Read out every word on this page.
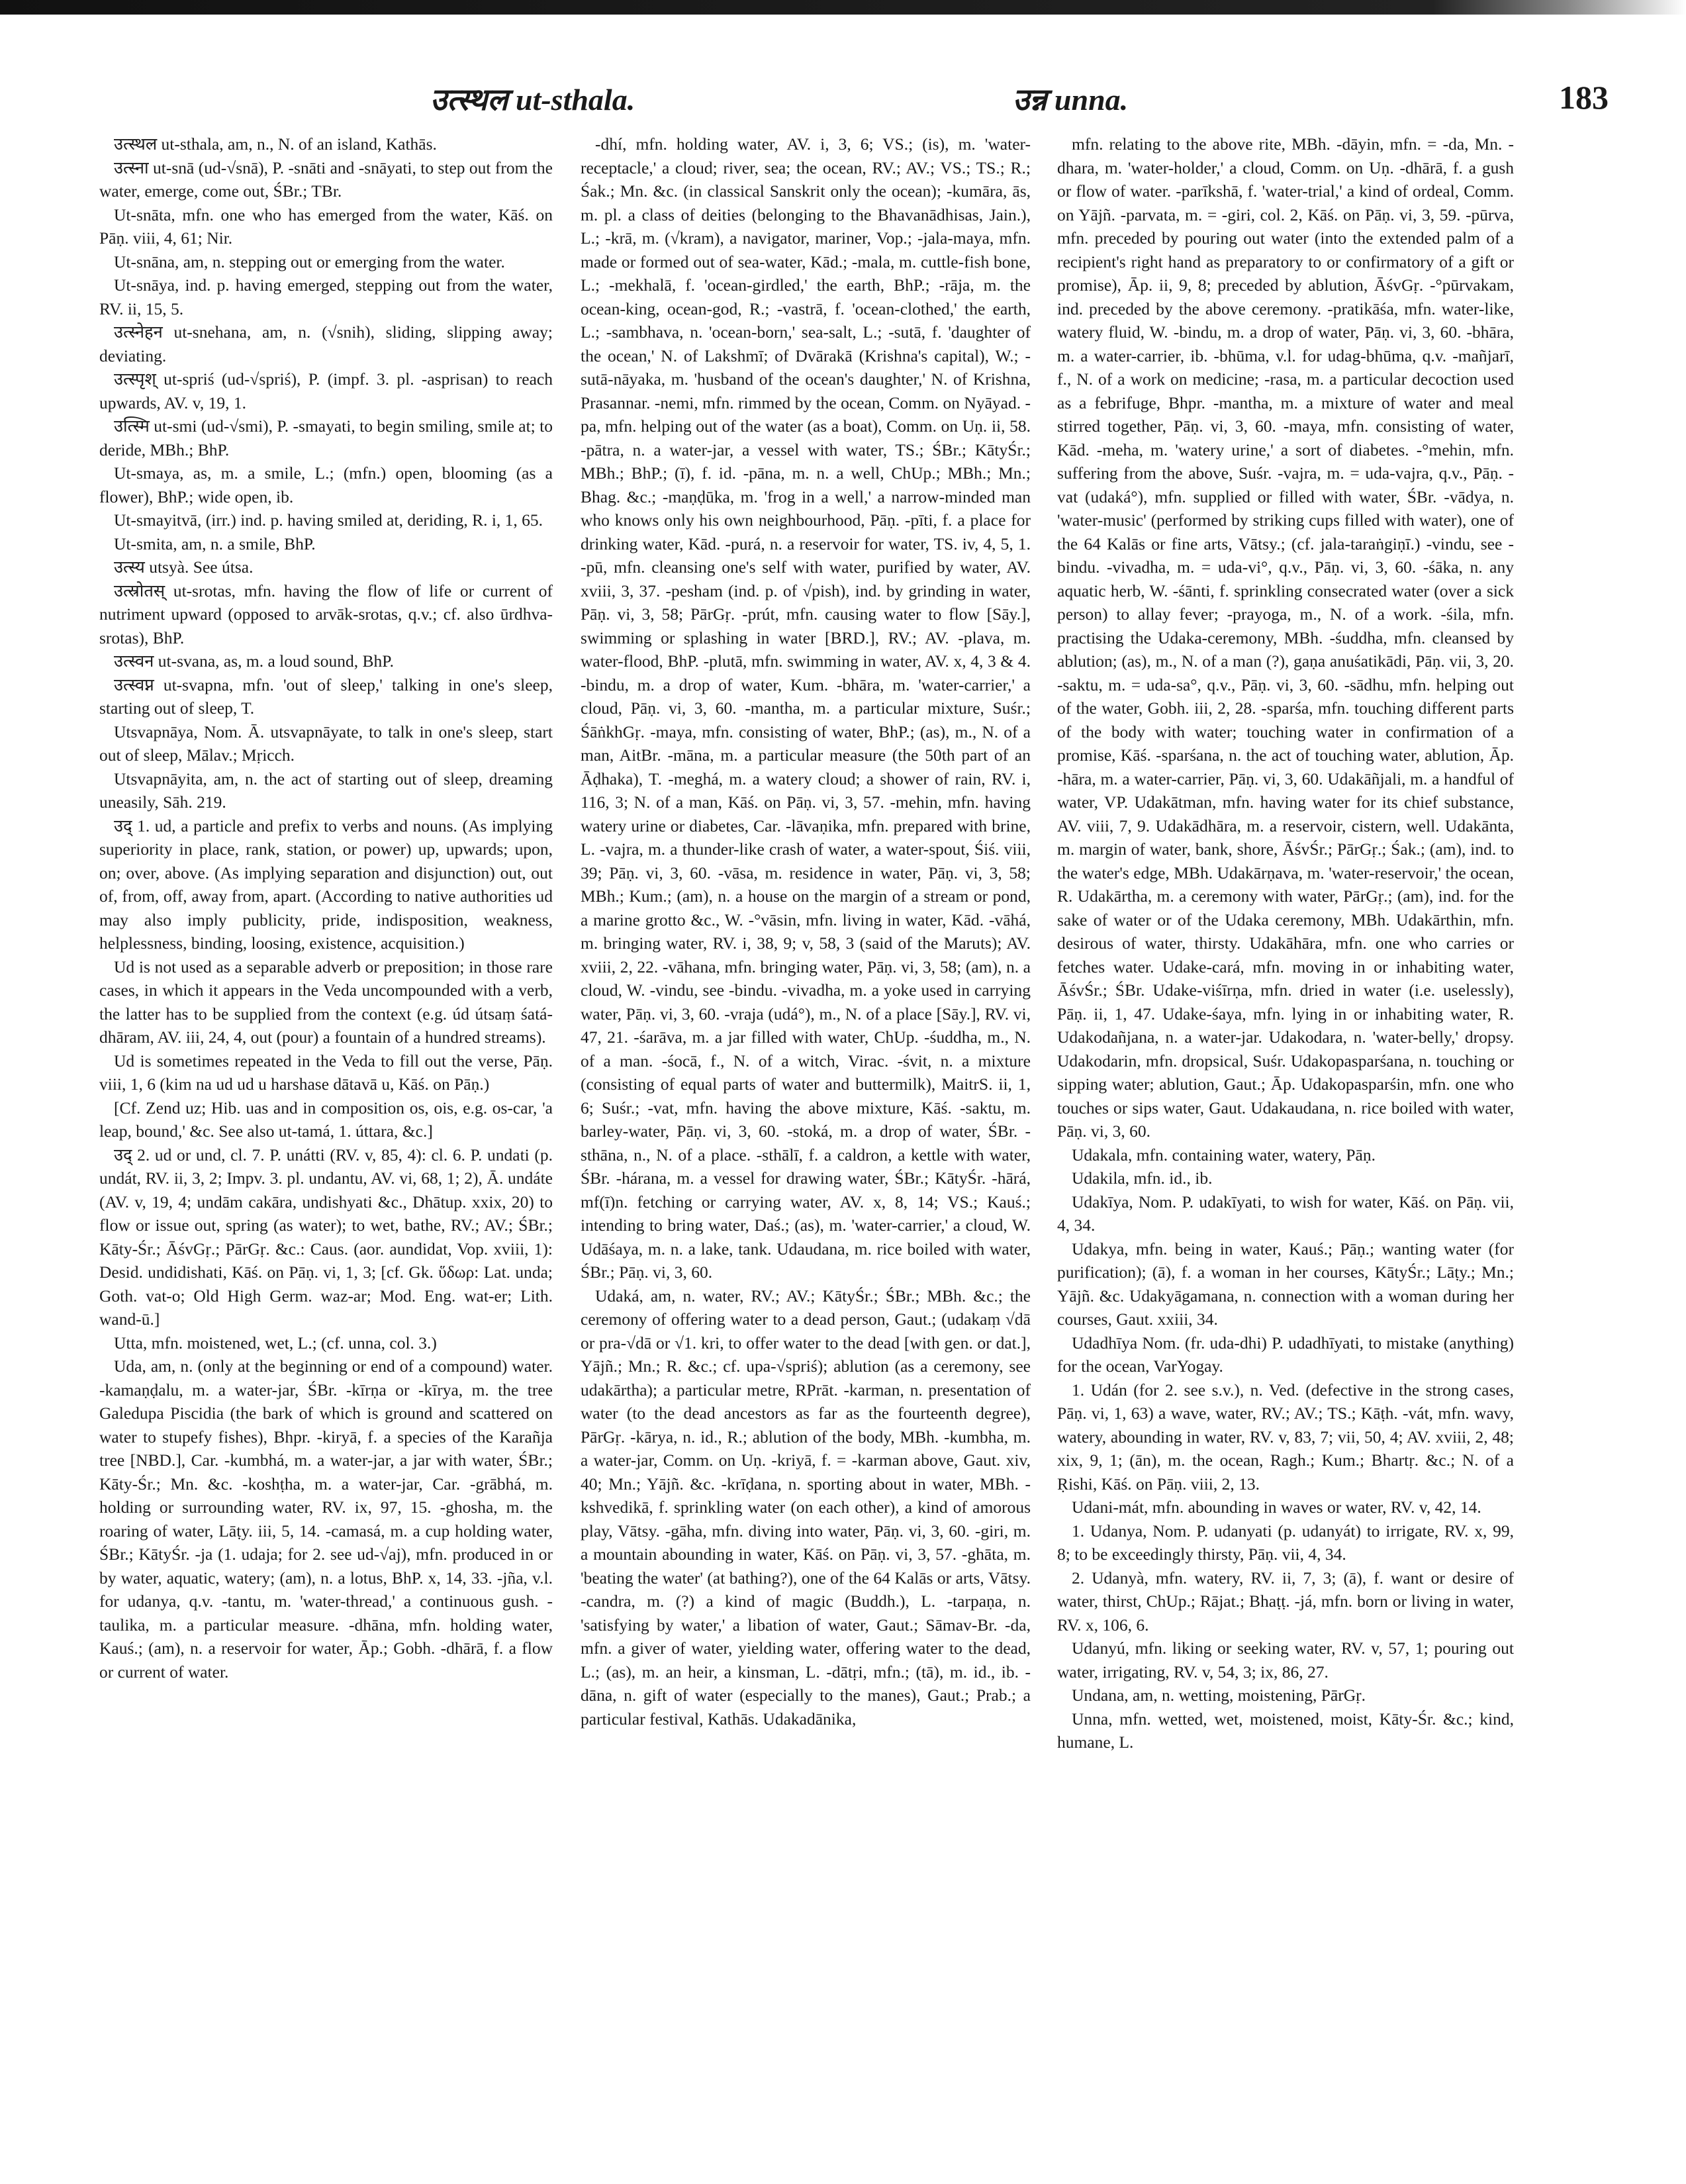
उत्स्थल ut-sthala.	उन्न unna.	183

उत्स्थल ut-sthala, am, n., N. of an island, Kathās.

उत्स्ना ut-snā (ud-√snā), P. -snāti and -snāyati, to step out from the water, emerge, come out, ŚBr.; TBr.

Ut-snāta, mfn. one who has emerged from the water, Kāś. on Pāṇ. viii, 4, 61; Nir.

Ut-snāna, am, n. stepping out or emerging from the water.

Ut-snāya, ind. p. having emerged, stepping out from the water, RV. ii, 15, 5.

उत्स्नेहन ut-snehana, am, n. (√snih), sliding, slipping away; deviating.

उत्स्पृश् ut-spriś (ud-√spriś), P. (impf. 3. pl. -asprisan) to reach upwards, AV. v, 19, 1.

उत्स्मि ut-smi (ud-√smi), P. -smayati, to begin smiling, smile at; to deride, MBh.; BhP.

Ut-smaya, as, m. a smile, L.; (mfn.) open, blooming (as a flower), BhP.; wide open, ib.

Ut-smayitvā, (irr.) ind. p. having smiled at, deriding, R. i, 1, 65.

Ut-smita, am, n. a smile, BhP.

उत्स्य utsyà. See útsa.

उत्स्रोतस् ut-srotas, mfn. having the flow of life or current of nutriment upward (opposed to arvāk-srotas, q.v.; cf. also ūrdhva-srotas), BhP.

उत्स्वन ut-svana, as, m. a loud sound, BhP.

उत्स्वप्न ut-svapna, mfn. 'out of sleep,' talking in one's sleep, starting out of sleep, T.

Utsvapnāya, Nom. Ā. utsvapnāyate, to talk in one's sleep, start out of sleep, Mālav.; Mṛicch.

Utsvapnāyita, am, n. the act of starting out of sleep, dreaming uneasily, Sāh. 219.

उद् 1. ud, a particle and prefix to verbs and nouns. (As implying superiority in place, rank, station, or power) up, upwards; upon, on; over, above. (As implying separation and disjunction) out, out of, from, off, away from, apart. (According to native authorities ud may also imply publicity, pride, indisposition, weakness, helplessness, binding, loosing, existence, acquisition.)

Ud is not used as a separable adverb or preposition; in those rare cases, in which it appears in the Veda uncompounded with a verb, the latter has to be supplied from the context (e.g. úd útsaṃ śatá-dhāram, AV. iii, 24, 4, out (pour) a fountain of a hundred streams).

Ud is sometimes repeated in the Veda to fill out the verse, Pāṇ. viii, 1, 6 (kim na ud ud u harshase dātavā u, Kāś. on Pāṇ.)

[Cf. Zend uz; Hib. uas and in composition os, ois, e.g. os-car, 'a leap, bound,' &c. See also ut-tamá, 1. úttara, &c.]

उद् 2. ud or und, cl. 7. P. unátti (RV. v, 85, 4): cl. 6. P. undati (p. undát, RV. ii, 3, 2; Impv. 3. pl. undantu, AV. vi, 68, 1; 2), Ā. undáte (AV. v, 19, 4; undām cakāra, undishyati &c., Dhātup. xxix, 20) to flow or issue out, spring (as water); to wet, bathe, RV.; AV.; ŚBr.; Kāty-Śr.; ĀśvGṛ.; PārGṛ. &c.: Caus. (aor. aundidat, Vop. xviii, 1): Desid. undidishati, Kāś. on Pāṇ. vi, 1, 3; [cf. Gk. ὕδωρ: Lat. unda; Goth. vat-o; Old High Germ. waz-ar; Mod. Eng. wat-er; Lith. wand-ū.]

Utta, mfn. moistened, wet, L.; (cf. unna, col. 3.)

Uda, am, n. (only at the beginning or end of a compound) water. -kamaṇḍalu, m. a water-jar, ŚBr. -kīrṇa or -kīrya, m. the tree Galedupa Piscidia (the bark of which is ground and scattered on water to stupefy fishes), Bhpr. -kiryā, f. a species of the Karañja tree [NBD.], Car. -kumbhá, m. a water-jar, a jar with water, ŚBr.; Kāty-Śr.; Mn. &c. -koshṭha, m. a water-jar, Car. -grābhá, m. holding or surrounding water, RV. ix, 97, 15. -ghosha, m. the roaring of water, Lāṭy. iii, 5, 14. -camasá, m. a cup holding water, ŚBr.; KātyŚr. -ja (1. udaja; for 2. see ud-√aj), mfn. produced in or by water, aquatic, watery; (am), n. a lotus, BhP. x, 14, 33. -jña, v.l. for udanya, q.v. -tantu, m. 'water-thread,' a continuous gush. -taulika, m. a particular measure. -dhāna, mfn. holding water, Kauś.; (am), n. a reservoir for water, Āp.; Gobh. -dhārā, f. a flow or current of water.

-dhí, mfn. holding water, AV. i, 3, 6; VS.; (is), m. 'water-receptacle,' a cloud; river, sea; the ocean, RV.; AV.; VS.; TS.; R.; Śak.; Mn. &c. (in classical Sanskrit only the ocean); -kumāra, ās, m. pl. a class of deities (belonging to the Bhavanādhisas, Jain.), L.; -krā, m. (√kram), a navigator, mariner, Vop.; -jala-maya, mfn. made or formed out of sea-water, Kād.; -mala, m. cuttle-fish bone, L.; -mekhalā, f. 'ocean-girdled,' the earth, BhP.; -rāja, m. the ocean-king, ocean-god, R.; -vastrā, f. 'ocean-clothed,' the earth, L.; -sambhava, n. 'ocean-born,' sea-salt, L.; -sutā, f. 'daughter of the ocean,' N. of Lakshmī; of Dvārakā (Krishna's capital), W.; -sutā-nāyaka, m. 'husband of the ocean's daughter,' N. of Krishna, Prasannar. -nemi, mfn. rimmed by the ocean, Comm. on Nyāyad. -pa, mfn. helping out of the water (as a boat), Comm. on Uṇ. ii, 58. -pātra, n. a water-jar, a vessel with water, TS.; ŚBr.; KātyŚr.; MBh.; BhP.; (ī), f. id. -pāna, m. n. a well, ChUp.; MBh.; Mn.; Bhag. &c.; -maṇḍūka, m. 'frog in a well,' a narrow-minded man who knows only his own neighbourhood, Pāṇ. -pīti, f. a place for drinking water, Kād. -purá, n. a reservoir for water, TS. iv, 4, 5, 1. -pū, mfn. cleansing one's self with water, purified by water, AV. xviii, 3, 37. -pesham (ind. p. of √pish), ind. by grinding in water, Pāṇ. vi, 3, 58; PārGṛ. -prút, mfn. causing water to flow [Sāy.], swimming or splashing in water [BRD.], RV.; AV. -plava, m. water-flood, BhP. -plutā, mfn. swimming in water, AV. x, 4, 3 & 4. -bindu, m. a drop of water, Kum. -bhāra, m. 'water-carrier,' a cloud, Pāṇ. vi, 3, 60. -mantha, m. a particular mixture, Suśr.; ŚāṅkhGṛ. -maya, mfn. consisting of water, BhP.; (as), m., N. of a man, AitBr. -māna, m. a particular measure (the 50th part of an Āḍhaka), T. -meghá, m. a watery cloud; a shower of rain, RV. i, 116, 3; N. of a man, Kāś. on Pāṇ. vi, 3, 57. -mehin, mfn. having watery urine or diabetes, Car. -lāvaṇika, mfn. prepared with brine, L. -vajra, m. a thunder-like crash of water, a water-spout, Śiś. viii, 39; Pāṇ. vi, 3, 60. -vāsa, m. residence in water, Pāṇ. vi, 3, 58; MBh.; Kum.; (am), n. a house on the margin of a stream or pond, a marine grotto &c., W. -°vāsin, mfn. living in water, Kād. -vāhá, m. bringing water, RV. i, 38, 9; v, 58, 3 (said of the Maruts); AV. xviii, 2, 22. -vāhana, mfn. bringing water, Pāṇ. vi, 3, 58; (am), n. a cloud, W. -vindu, see -bindu. -vivadha, m. a yoke used in carrying water, Pāṇ. vi, 3, 60. -vraja (udá°), m., N. of a place [Sāy.], RV. vi, 47, 21. -śarāva, m. a jar filled with water, ChUp. -śuddha, m., N. of a man. -śocā, f., N. of a witch, Virac. -śvit, n. a mixture (consisting of equal parts of water and buttermilk), MaitrS. ii, 1, 6; Suśr.; -vat, mfn. having the above mixture, Kāś. -saktu, m. barley-water, Pāṇ. vi, 3, 60. -stoká, m. a drop of water, ŚBr. -sthāna, n., N. of a place. -sthālī, f. a caldron, a kettle with water, ŚBr. -hárana, m. a vessel for drawing water, ŚBr.; KātyŚr. -hārá, mf(ī)n. fetching or carrying water, AV. x, 8, 14; VS.; Kauś.; intending to bring water, Daś.; (as), m. 'water-carrier,' a cloud, W. Udāśaya, m. n. a lake, tank. Udaudana, m. rice boiled with water, ŚBr.; Pāṇ. vi, 3, 60.

Udaká, am, n. water, RV.; AV.; KātyŚr.; ŚBr.; MBh. &c.; the ceremony of offering water to a dead person, Gaut.; (udakaṃ √dā or pra-√dā or √1. kri, to offer water to the dead [with gen. or dat.], Yājñ.; Mn.; R. &c.; cf. upa-√spriś); ablution (as a ceremony, see udakārtha); a particular metre, RPrāt. -karman, n. presentation of water (to the dead ancestors as far as the fourteenth degree), PārGṛ. -kārya, n. id., R.; ablution of the body, MBh. -kumbha, m. a water-jar, Comm. on Uṇ. -kriyā, f. = -karman above, Gaut. xiv, 40; Mn.; Yājñ. &c. -krīḍana, n. sporting about in water, MBh. -kshvedikā, f. sprinkling water (on each other), a kind of amorous play, Vātsy. -gāha, mfn. diving into water, Pāṇ. vi, 3, 60. -giri, m. a mountain abounding in water, Kāś. on Pāṇ. vi, 3, 57. -ghāta, m. 'beating the water' (at bathing?), one of the 64 Kalās or arts, Vātsy. -candra, m. (?) a kind of magic (Buddh.), L. -tarpaṇa, n. 'satisfying by water,' a libation of water, Gaut.; Sāmav-Br. -da, mfn. a giver of water, yielding water, offering water to the dead, L.; (as), m. an heir, a kinsman, L. -dātṛi, mfn.; (tā), m. id., ib. -dāna, n. gift of water (especially to the manes), Gaut.; Prab.; a particular festival, Kathās. Udakadānika,

mfn. relating to the above rite, MBh. -dāyin, mfn. = -da, Mn. -dhara, m. 'water-holder,' a cloud, Comm. on Uṇ. -dhārā, f. a gush or flow of water. -parīkshā, f. 'water-trial,' a kind of ordeal, Comm. on Yājñ. -parvata, m. = -giri, col. 2, Kāś. on Pāṇ. vi, 3, 59. -pūrva, mfn. preceded by pouring out water (into the extended palm of a recipient's right hand as preparatory to or confirmatory of a gift or promise), Āp. ii, 9, 8; preceded by ablution, ĀśvGṛ. -°pūrvakam, ind. preceded by the above ceremony. -pratikāśa, mfn. water-like, watery fluid, W. -bindu, m. a drop of water, Pāṇ. vi, 3, 60. -bhāra, m. a water-carrier, ib. -bhūma, v.l. for udag-bhūma, q.v. -mañjarī, f., N. of a work on medicine; -rasa, m. a particular decoction used as a febrifuge, Bhpr. -mantha, m. a mixture of water and meal stirred together, Pāṇ. vi, 3, 60. -maya, mfn. consisting of water, Kād. -meha, m. 'watery urine,' a sort of diabetes. -°mehin, mfn. suffering from the above, Suśr. -vajra, m. = uda-vajra, q.v., Pāṇ. -vat (udaká°), mfn. supplied or filled with water, ŚBr. -vādya, n. 'water-music' (performed by striking cups filled with water), one of the 64 Kalās or fine arts, Vātsy.; (cf. jala-taraṅgiṇī.) -vindu, see -bindu. -vivadha, m. = uda-vi°, q.v., Pāṇ. vi, 3, 60. -śāka, n. any aquatic herb, W. -śānti, f. sprinkling consecrated water (over a sick person) to allay fever; -prayoga, m., N. of a work. -śila, mfn. practising the Udaka-ceremony, MBh. -śuddha, mfn. cleansed by ablution; (as), m., N. of a man (?), gaṇa anuśatikādi, Pāṇ. vii, 3, 20. -saktu, m. = uda-sa°, q.v., Pāṇ. vi, 3, 60. -sādhu, mfn. helping out of the water, Gobh. iii, 2, 28. -sparśa, mfn. touching different parts of the body with water; touching water in confirmation of a promise, Kāś. -sparśana, n. the act of touching water, ablution, Āp. -hāra, m. a water-carrier, Pāṇ. vi, 3, 60. Udakāñjali, m. a handful of water, VP. Udakātman, mfn. having water for its chief substance, AV. viii, 7, 9. Udakādhāra, m. a reservoir, cistern, well. Udakānta, m. margin of water, bank, shore, ĀśvŚr.; PārGṛ.; Śak.; (am), ind. to the water's edge, MBh. Udakārṇava, m. 'water-reservoir,' the ocean, R. Udakārtha, m. a ceremony with water, PārGṛ.; (am), ind. for the sake of water or of the Udaka ceremony, MBh. Udakārthin, mfn. desirous of water, thirsty. Udakāhāra, mfn. one who carries or fetches water. Udake-cará, mfn. moving in or inhabiting water, ĀśvŚr.; ŚBr. Udake-viśīrṇa, mfn. dried in water (i.e. uselessly), Pāṇ. ii, 1, 47. Udake-śaya, mfn. lying in or inhabiting water, R. Udakodañjana, n. a water-jar. Udakodara, n. 'water-belly,' dropsy. Udakodarin, mfn. dropsical, Suśr. Udakopasparśana, n. touching or sipping water; ablution, Gaut.; Āp. Udakopasparśin, mfn. one who touches or sips water, Gaut. Udakaudana, n. rice boiled with water, Pāṇ. vi, 3, 60.

Udakala, mfn. containing water, watery, Pāṇ.

Udakila, mfn. id., ib.

Udakīya, Nom. P. udakīyati, to wish for water, Kāś. on Pāṇ. vii, 4, 34.

Udakya, mfn. being in water, Kauś.; Pāṇ.; wanting water (for purification); (ā), f. a woman in her courses, KātyŚr.; Lāṭy.; Mn.; Yājñ. &c. Udakyāgamana, n. connection with a woman during her courses, Gaut. xxiii, 34.

Udadhīya Nom. (fr. uda-dhi) P. udadhīyati, to mistake (anything) for the ocean, VarYogay.

1. Udán (for 2. see s.v.), n. Ved. (defective in the strong cases, Pāṇ. vi, 1, 63) a wave, water, RV.; AV.; TS.; Kāṭh. -vát, mfn. wavy, watery, abounding in water, RV. v, 83, 7; vii, 50, 4; AV. xviii, 2, 48; xix, 9, 1; (ān), m. the ocean, Ragh.; Kum.; Bhartṛ. &c.; N. of a Ṛishi, Kāś. on Pāṇ. viii, 2, 13.

Udani-mát, mfn. abounding in waves or water, RV. v, 42, 14.

1. Udanya, Nom. P. udanyati (p. udanyát) to irrigate, RV. x, 99, 8; to be exceedingly thirsty, Pāṇ. vii, 4, 34.

2. Udanyà, mfn. watery, RV. ii, 7, 3; (ā), f. want or desire of water, thirst, ChUp.; Rājat.; Bhaṭṭ. -já, mfn. born or living in water, RV. x, 106, 6.

Udanyú, mfn. liking or seeking water, RV. v, 57, 1; pouring out water, irrigating, RV. v, 54, 3; ix, 86, 27.

Undana, am, n. wetting, moistening, PārGṛ.

Unna, mfn. wetted, wet, moistened, moist, Kāty-Śr. &c.; kind, humane, L.
